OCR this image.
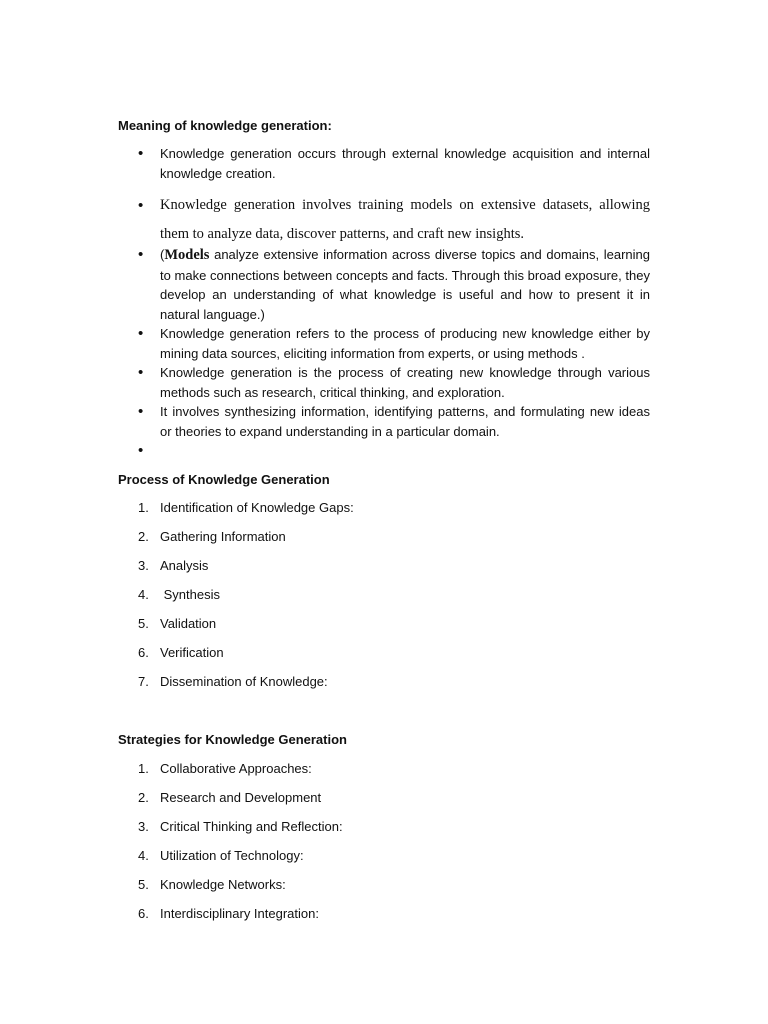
Meaning of knowledge generation:
• Knowledge generation occurs through external knowledge acquisition and internal knowledge creation.
• Knowledge generation involves training models on extensive datasets, allowing them to analyze data, discover patterns, and craft new insights.
• (Models analyze extensive information across diverse topics and domains, learning to make connections between concepts and facts. Through this broad exposure, they develop an understanding of what knowledge is useful and how to present it in natural language.)
• Knowledge generation refers to the process of producing new knowledge either by mining data sources, eliciting information from experts, or using methods .
• Knowledge generation is the process of creating new knowledge through various methods such as research, critical thinking, and exploration.
• It involves synthesizing information, identifying patterns, and formulating new ideas or theories to expand understanding in a particular domain.
•
Process of Knowledge Generation
1. Identification of Knowledge Gaps:
2. Gathering Information
3. Analysis
4. Synthesis
5. Validation
6. Verification
7. Dissemination of Knowledge:
Strategies for Knowledge Generation
1. Collaborative Approaches:
2. Research and Development
3. Critical Thinking and Reflection:
4. Utilization of Technology:
5. Knowledge Networks:
6. Interdisciplinary Integration:
